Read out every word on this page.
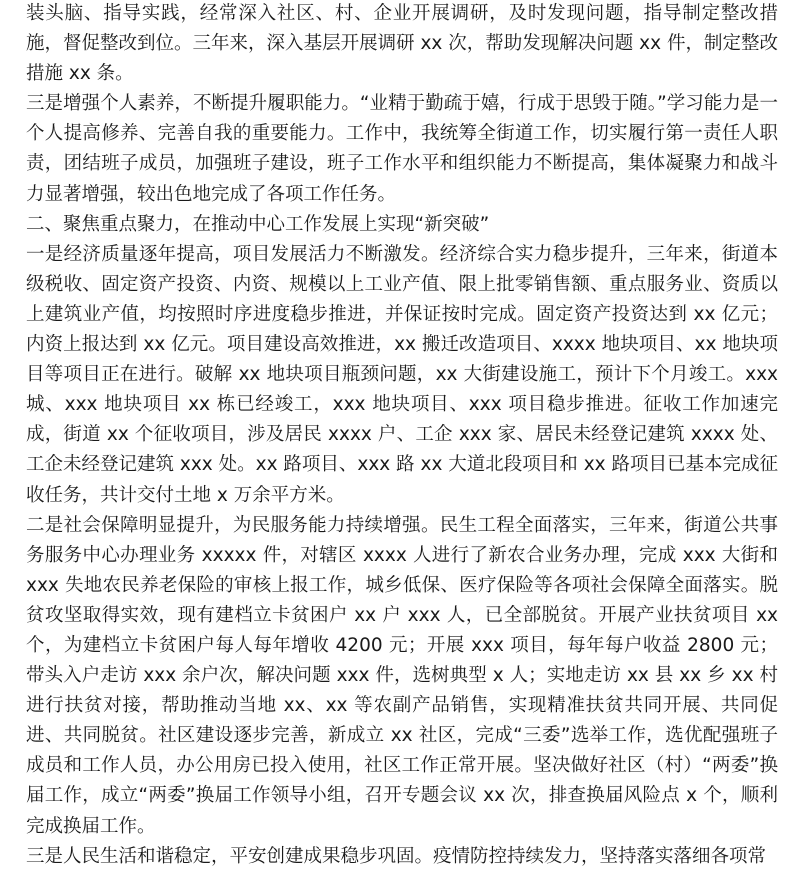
装头脑、指导实践，经常深入社区、村、企业开展调研，及时发现问题，指导制定整改措施，督促整改到位。三年来，深入基层开展调研 xx 次，帮助发现解决问题 xx 件，制定整改措施 xx 条。

三是增强个人素养，不断提升履职能力。“业精于勤疏于嬉，行成于思毁于随。”学习能力是一个人提高修养、完善自我的重要能力。工作中，我统筹全街道工作，切实履行第一责任人职责，团结班子成员，加强班子建设，班子工作水平和组织能力不断提高，集体凝聚力和战斗力显著增强，较出色地完成了各项工作任务。

二、聚焦重点聚力，在推动中心工作发展上实现“新突破”

一是经济质量逐年提高，项目发展活力不断激发。经济综合实力稳步提升，三年来，街道本级税收、固定资产投资、内资、规模以上工业产值、限上批零销售额、重点服务业、资质以上建筑业产值，均按照时序进度稳步推进，并保证按时完成。固定资产投资达到 xx 亿元；内资上报达到 xx 亿元。项目建设高效推进，xx 搬迁改造项目、xxxx 地块项目、xx 地块项目等项目正在进行。破解 xx 地块项目瓶颈问题，xx 大街建设施工，预计下个月竣工。xxx 城、xxx 地块项目 xx 栋已经竣工，xxx 地块项目、xxx 项目稳步推进。征收工作加速完成，街道 xx 个征收项目，涉及居民 xxxx 户、工企 xxx 家、居民未经登记建筑 xxxx 处、工企未经登记建筑 xxx 处。xx 路项目、xxx 路 xx 大道北段项目和 xx 路项目已基本完成征收任务，共计交付土地 x 万余平方米。

二是社会保障明显提升，为民服务能力持续增强。民生工程全面落实，三年来，街道公共事务服务中心办理业务 xxxxx 件，对辖区 xxxx 人进行了新农合业务办理，完成 xxx 大街和 xxx 失地农民养老保险的审核上报工作，城乡低保、医疗保险等各项社会保障全面落实。脱贫攻坚取得实效，现有建档立卡贫困户 xx 户 xxx 人，已全部脱贫。开展产业扶贫项目 xx 个，为建档立卡贫困户每人每年增收 4200 元；开展 xxx 项目，每年每户收益 2800 元；带头入户走访 xxx 余户次，解决问题 xxx 件，选树典型 x 人；实地走访 xx 县 xx 乡 xx 村进行扶贫对接，帮助推动当地 xx、xx 等农副产品销售，实现精准扶贫共同开展、共同促进、共同脱贫。社区建设逐步完善，新成立 xx 社区，完成“三委”选举工作，选优配强班子成员和工作人员，办公用房已投入使用，社区工作正常开展。坚决做好社区（村）“两委”换届工作，成立“两委”换届工作领导小组，召开专题会议 xx 次，排查换届风险点 x 个，顺利完成换届工作。

三是人民生活和谐稳定，平安创建成果稳步巩固。疫情防控持续发力，坚持落实落细各项常
